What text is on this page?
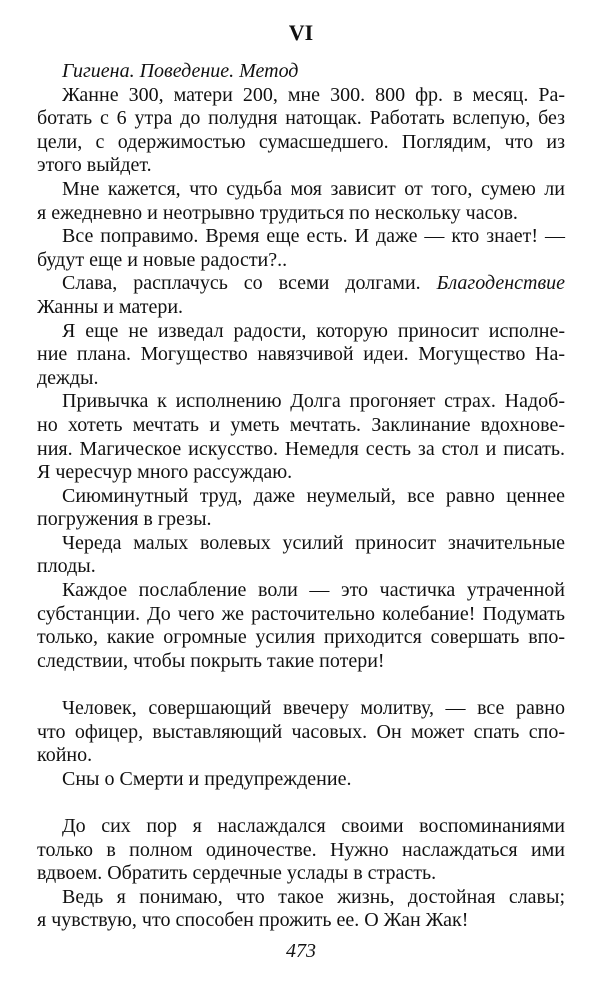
VI
Гигиена. Поведение. Метод
Жанне 300, матери 200, мне 300. 800 фр. в месяц. Ра-
ботать с 6 утра до полудня натощак. Работать вслепую, без
цели, с одержимостью сумасшедшего. Поглядим, что из
этого выйдет.
Мне кажется, что судьба моя зависит от того, сумею ли
я ежедневно и неотрывно трудиться по нескольку часов.
Все поправимо. Время еще есть. И даже — кто знает! —
будут еще и новые радости?..
Слава, расплачусь со всеми долгами. Благоденствие
Жанны и матери.
Я еще не изведал радости, которую приносит исполне-
ние плана. Могущество навязчивой идеи. Могущество На-
дежды.
Привычка к исполнению Долга прогоняет страх. Надоб-
но хотеть мечтать и уметь мечтать. Заклинание вдохнове-
ния. Магическое искусство. Немедля сесть за стол и писать.
Я чересчур много рассуждаю.
Сиюминутный труд, даже неумелый, все равно ценнее
погружения в грезы.
Череда малых волевых усилий приносит значительные
плоды.
Каждое послабление воли — это частичка утраченной
субстанции. До чего же расточительно колебание! Подумать
только, какие огромные усилия приходится совершать впо-
следствии, чтобы покрыть такие потери!
Человек, совершающий ввечеру молитву, — все равно
что офицер, выставляющий часовых. Он может спать спо-
койно.
Сны о Смерти и предупреждение.
До сих пор я наслаждался своими воспоминаниями
только в полном одиночестве. Нужно наслаждаться ими
вдвоем. Обратить сердечные услады в страсть.
Ведь я понимаю, что такое жизнь, достойная славы;
я чувствую, что способен прожить ее. О Жан Жак!
473
